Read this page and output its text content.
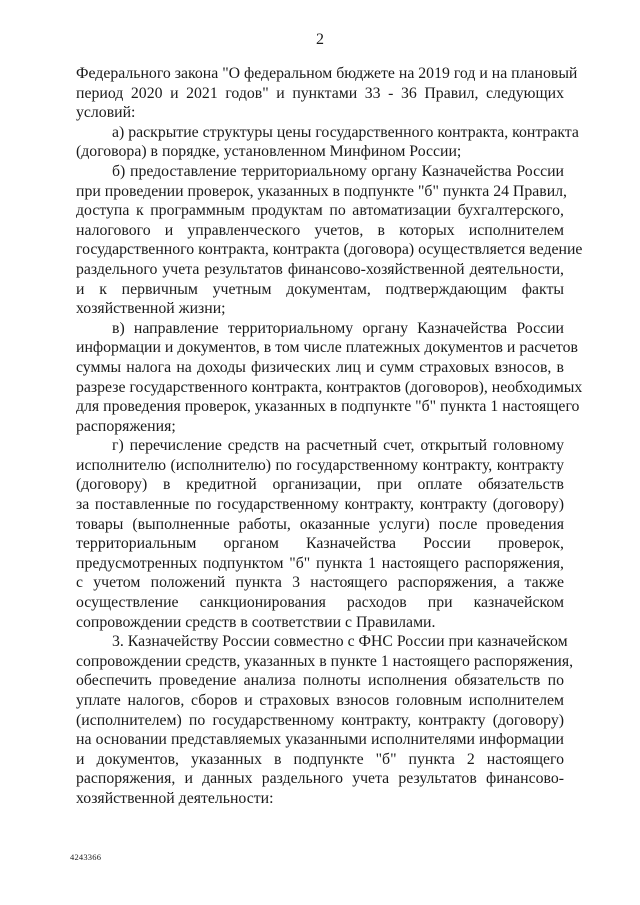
2
Федерального закона "О федеральном бюджете на 2019 год и на плановый
период 2020 и 2021 годов" и пунктами 33 - 36 Правил, следующих
условий:
а) раскрытие структуры цены государственного контракта, контракта
(договора) в порядке, установленном Минфином России;
б) предоставление территориальному органу Казначейства России
при проведении проверок, указанных в подпункте "б" пункта 24 Правил,
доступа к программным продуктам по автоматизации бухгалтерского,
налогового и управленческого учетов, в которых исполнителем
государственного контракта, контракта (договора) осуществляется ведение
раздельного учета результатов финансово-хозяйственной деятельности,
и к первичным учетным документам, подтверждающим факты
хозяйственной жизни;
в) направление территориальному органу Казначейства России
информации и документов, в том числе платежных документов и расчетов
суммы налога на доходы физических лиц и сумм страховых взносов, в
разрезе государственного контракта, контрактов (договоров), необходимых
для проведения проверок, указанных в подпункте "б" пункта 1 настоящего
распоряжения;
г) перечисление средств на расчетный счет, открытый головному
исполнителю (исполнителю) по государственному контракту, контракту
(договору) в кредитной организации, при оплате обязательств
за поставленные по государственному контракту, контракту (договору)
товары (выполненные работы, оказанные услуги) после проведения
территориальным органом Казначейства России проверок,
предусмотренных подпунктом "б" пункта 1 настоящего распоряжения,
с учетом положений пункта 3 настоящего распоряжения, а также
осуществление санкционирования расходов при казначейском
сопровождении средств в соответствии с Правилами.
3. Казначейству России совместно с ФНС России при казначейском
сопровождении средств, указанных в пункте 1 настоящего распоряжения,
обеспечить проведение анализа полноты исполнения обязательств по
уплате налогов, сборов и страховых взносов головным исполнителем
(исполнителем) по государственному контракту, контракту (договору)
на основании представляемых указанными исполнителями информации
и документов, указанных в подпункте "б" пункта 2 настоящего
распоряжения, и данных раздельного учета результатов финансово-
хозяйственной деятельности:
4243366
